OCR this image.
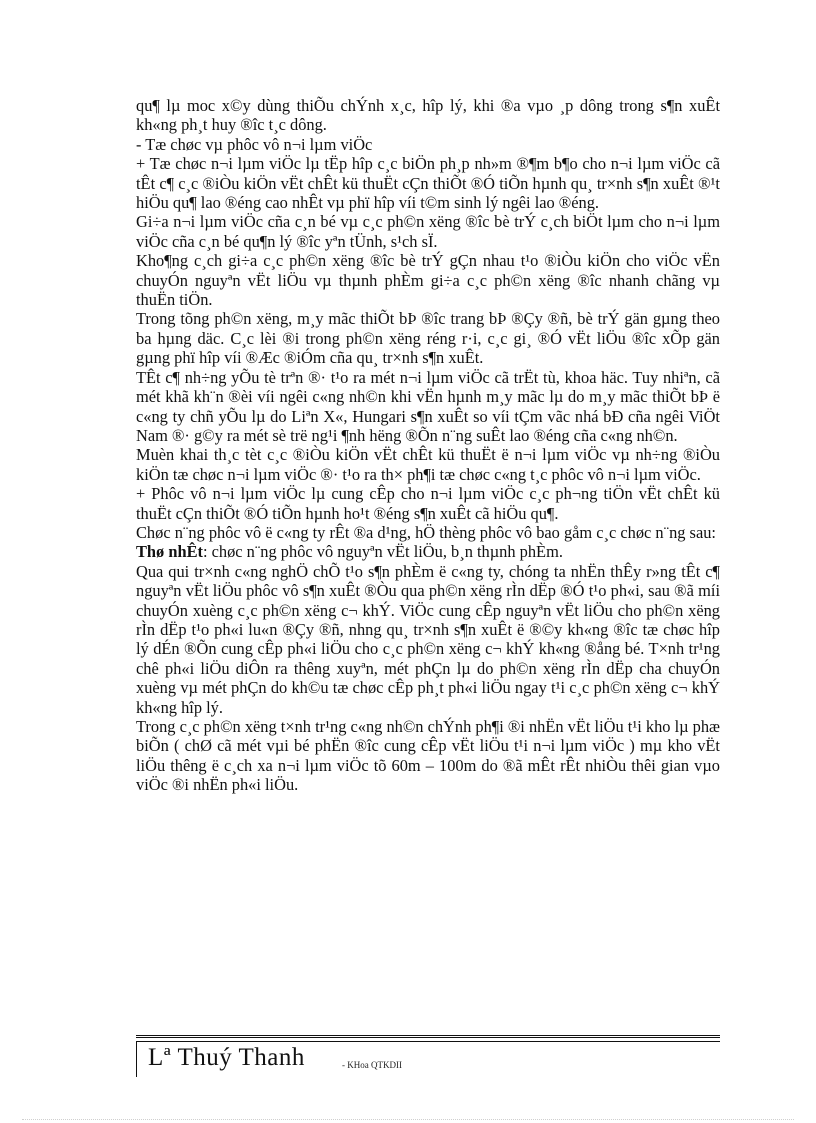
qu¶ lµ moc x©y dùng thiÕu chÝnh x¸c, hîp lý, khi ®a vµo ¸p dông trong s¶n xuÊt kh«ng ph¸t huy ®îc t¸c dông.

- Tæ chøc vµ phôc vô n¬i lµm viÖc

+ Tæ chøc n¬i lµm viÖc lµ tËp hîp c¸c biÖn ph¸p nh»m ®¶m b¶o cho n¬i lµm viÖc cã tÊt c¶ c¸c ®iÒu kiÖn vËt chÊt kü thuËt cÇn thiÕt ®Ó tiÕn hµnh qu¸ tr×nh s¶n xuÊt ®¹t hiÖu qu¶ lao ®éng cao nhÊt vµ phï hîp víi t©m sinh lý ngêi lao ®éng.

Gi÷a n¬i lµm viÖc cña c¸n bé vµ c¸c ph©n xëng ®îc bè trÝ c¸ch biÖt lµm cho n¬i lµm viÖc cña c¸n bé qu¶n lý ®îc yªn tÜnh, s¹ch sÏ.

Kho¶ng c¸ch gi÷a c¸c ph©n xëng ®îc bè trÝ gÇn nhau t¹o ®iÒu kiÖn cho viÖc vËn chuyÓn nguyªn vËt liÖu vµ thµnh phÈm gi÷a c¸c ph©n xëng ®îc nhanh chãng vµ thuËn tiÖn.

Trong tõng ph©n xëng, m¸y mãc thiÕt bÞ ®îc trang bÞ ®Çy ®ñ, bè trÝ gän gµng theo ba hµng däc. C¸c lèi ®i trong ph©n xëng réng r·i, c¸c gi¸ ®Ó vËt liÖu ®îc xÕp gän gµng phï hîp víi ®Æc ®iÓm cña qu¸ tr×nh s¶n xuÊt.

TÊt c¶ nh÷ng yÕu tè trªn ®· t¹o ra mét n¬i lµm viÖc cã trËt tù, khoa häc. Tuy nhiªn, cã mét khã kh¨n ®èi víi ngêi c«ng nh©n khi vËn hµnh m¸y mãc lµ do m¸y mãc thiÕt bÞ ë c«ng ty chñ yÕu lµ do Liªn X«, Hungari s¶n xuÊt so víi tÇm vãc nhá bÐ cña ngêi ViÖt Nam ®· g©y ra mét sè trë ng¹i ¶nh hëng ®Õn n¨ng suÊt lao ®éng cña c«ng nh©n.

Muèn khai th¸c tèt c¸c ®iÒu kiÖn vËt chÊt kü thuËt ë n¬i lµm viÖc vµ nh÷ng ®iÒu kiÖn tæ chøc n¬i lµm viÖc ®· t¹o ra th× ph¶i tæ chøc c«ng t¸c phôc vô n¬i lµm viÖc.

+ Phôc vô n¬i lµm viÖc lµ cung cÊp cho n¬i lµm viÖc c¸c ph¬ng tiÖn vËt chÊt kü thuËt cÇn thiÕt ®Ó tiÕn hµnh ho¹t ®éng s¶n xuÊt cã hiÖu qu¶.

Chøc n¨ng phôc vô ë c«ng ty rÊt ®a d¹ng, hÖ thèng phôc vô bao gåm c¸c chøc n¨ng sau:

Thø nhÊt: chøc n¨ng phôc vô nguyªn vËt liÖu, b¸n thµnh phÈm.

Qua qui tr×nh c«ng nghÖ chÕ t¹o s¶n phÈm ë c«ng ty, chóng ta nhËn thÊy r»ng tÊt c¶ nguyªn vËt liÖu phôc vô s¶n xuÊt ®Òu qua ph©n xëng rÌn dËp ®Ó t¹o ph«i, sau ®ã míi chuyÓn xuèng c¸c ph©n xëng c¬ khÝ. ViÖc cung cÊp nguyªn vËt liÖu cho ph©n xëng rÌn dËp t¹o ph«i lu«n ®Çy ®ñ, nhng qu¸ tr×nh s¶n xuÊt ë ®©y kh«ng ®îc tæ chøc hîp lý dÉn ®Õn cung cÊp ph«i liÖu cho c¸c ph©n xëng c¬ khÝ kh«ng ®ång bé. T×nh tr¹ng chê ph«i liÖu diÔn ra thêng xuyªn, mét phÇn lµ do ph©n xëng rÌn dËp cha chuyÓn xuèng vµ mét phÇn do kh©u tæ chøc cÊp ph¸t ph«i liÖu ngay t¹i c¸c ph©n xëng c¬ khÝ kh«ng hîp lý.

Trong c¸c ph©n xëng t×nh tr¹ng c«ng nh©n chÝnh ph¶i ®i nhËn vËt liÖu t¹i kho lµ phæ biÕn ( chØ cã mét vµi bé phËn ®îc cung cÊp vËt liÖu t¹i n¬i lµm viÖc ) mµ kho vËt liÖu thêng ë c¸ch xa n¬i lµm viÖc tõ 60m – 100m do ®ã mÊt rÊt nhiÒu thêi gian vµo viÖc ®i nhËn ph«i liÖu.

Lª Thuý Thanh	- KHoa QTKDII
